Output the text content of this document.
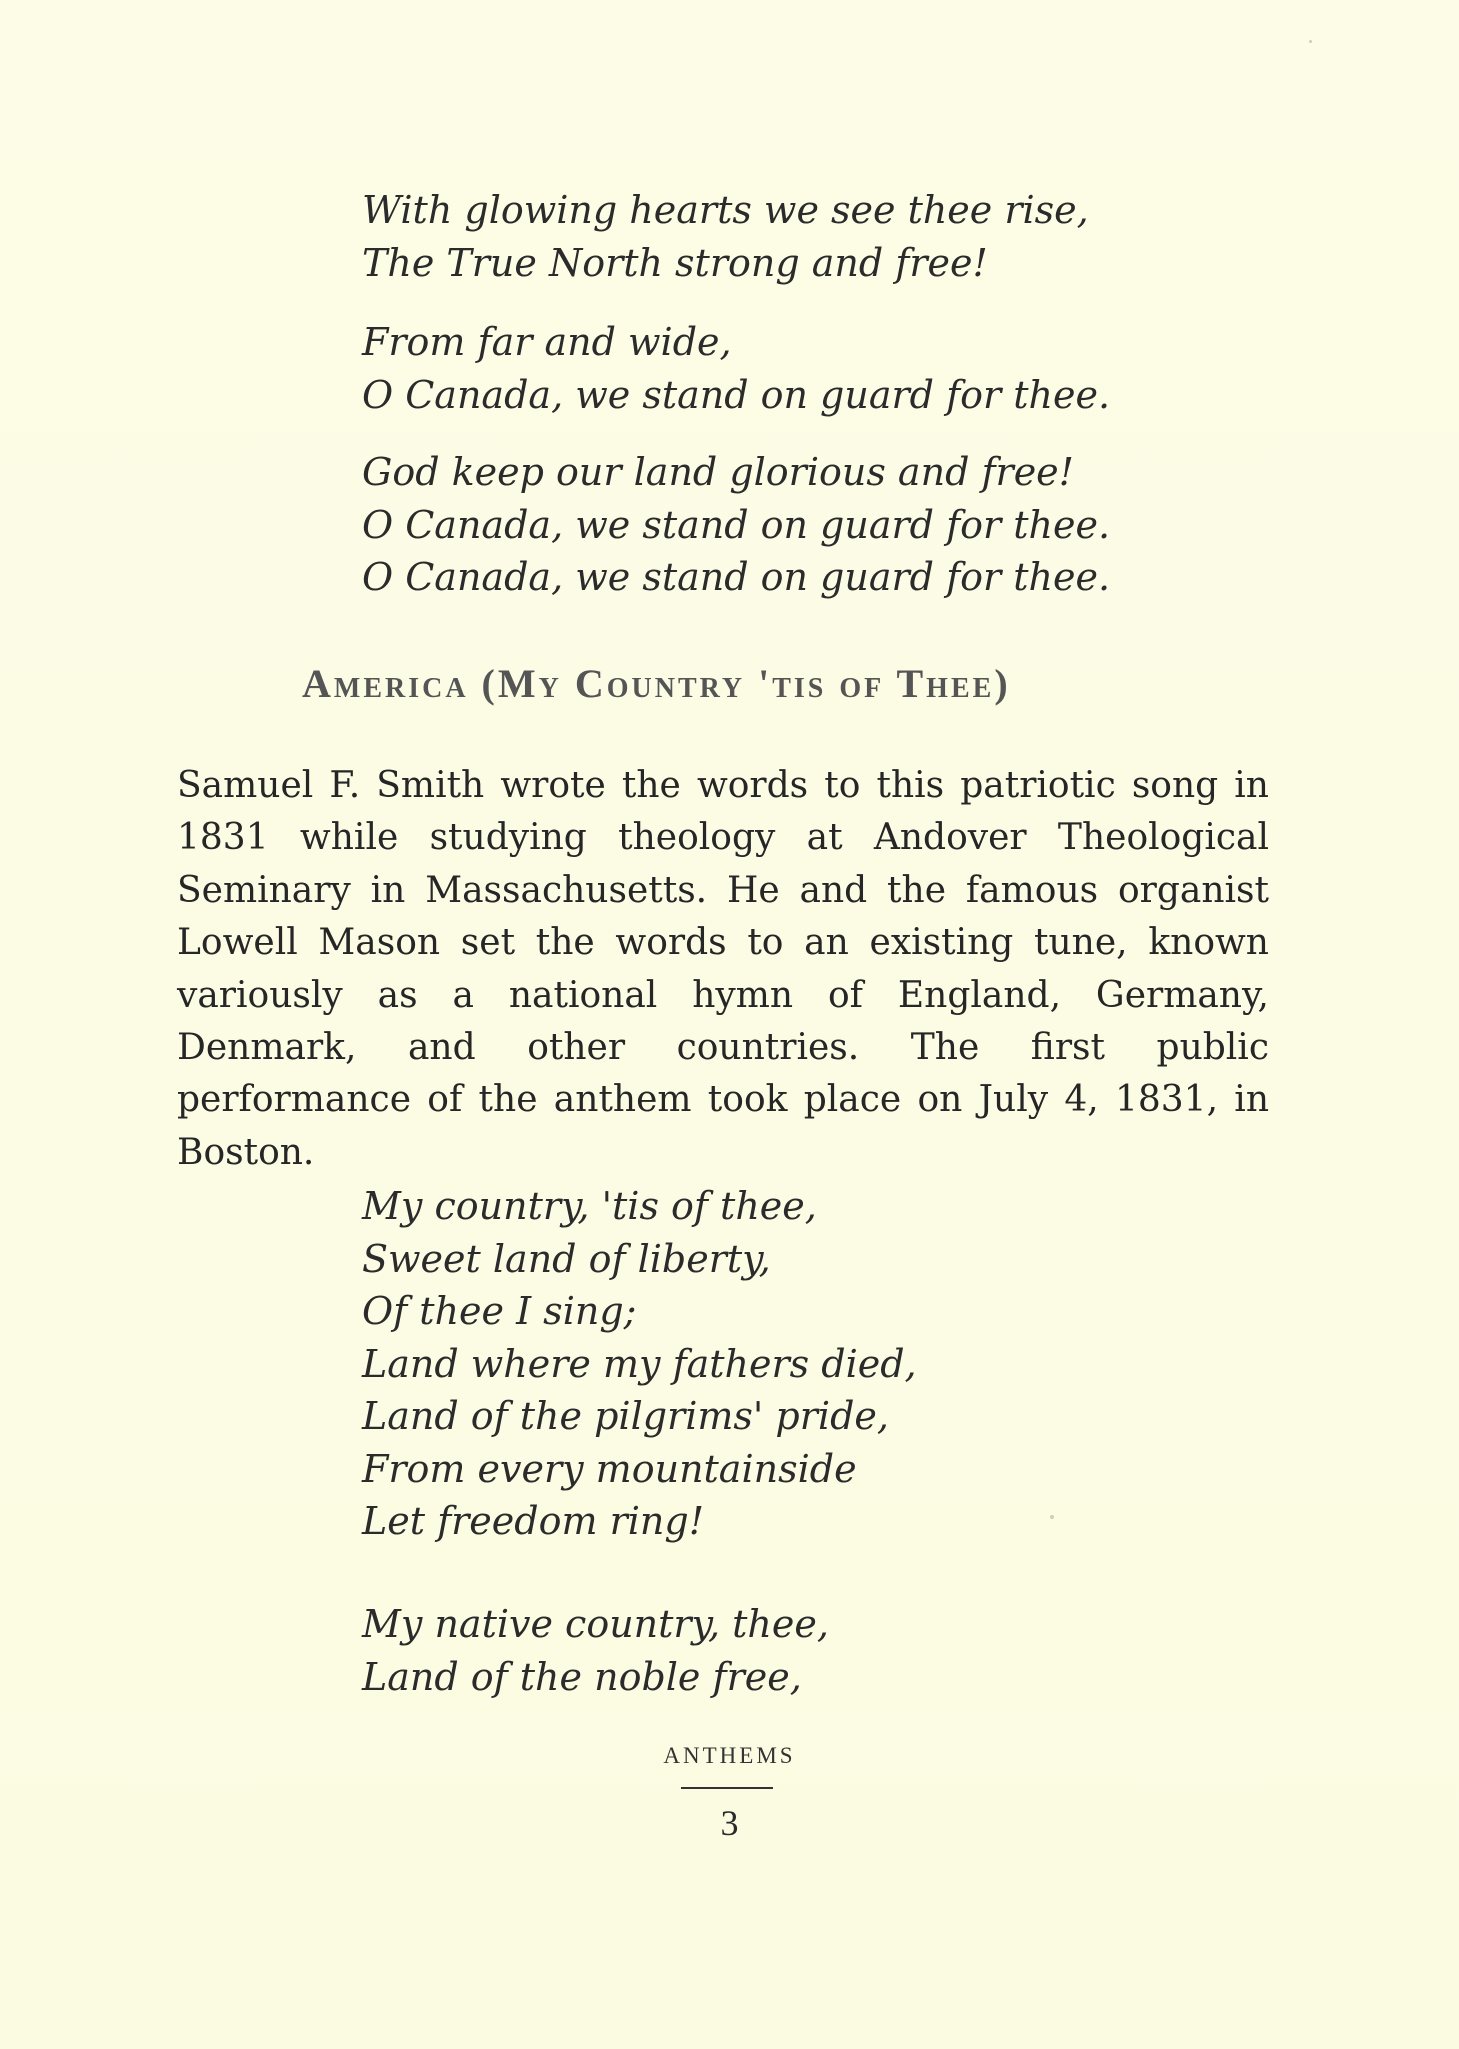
With glowing hearts we see thee rise,
The True North strong and free!
From far and wide,
O Canada, we stand on guard for thee.
God keep our land glorious and free!
O Canada, we stand on guard for thee.
O Canada, we stand on guard for thee.
America (My Country 'tis of Thee)

Samuel F. Smith wrote the words to this patriotic song in 1831 while studying theology at Andover Theological Seminary in Massachusetts. He and the famous organist Lowell Mason set the words to an existing tune, known variously as a national hymn of England, Germany, Denmark, and other countries. The first public performance of the anthem took place on July 4, 1831, in Boston.

My country, 'tis of thee,
Sweet land of liberty,
Of thee I sing;
Land where my fathers died,
Land of the pilgrims' pride,
From every mountainside
Let freedom ring!
My native country, thee,
Land of the noble free,
ANTHEMS
3
